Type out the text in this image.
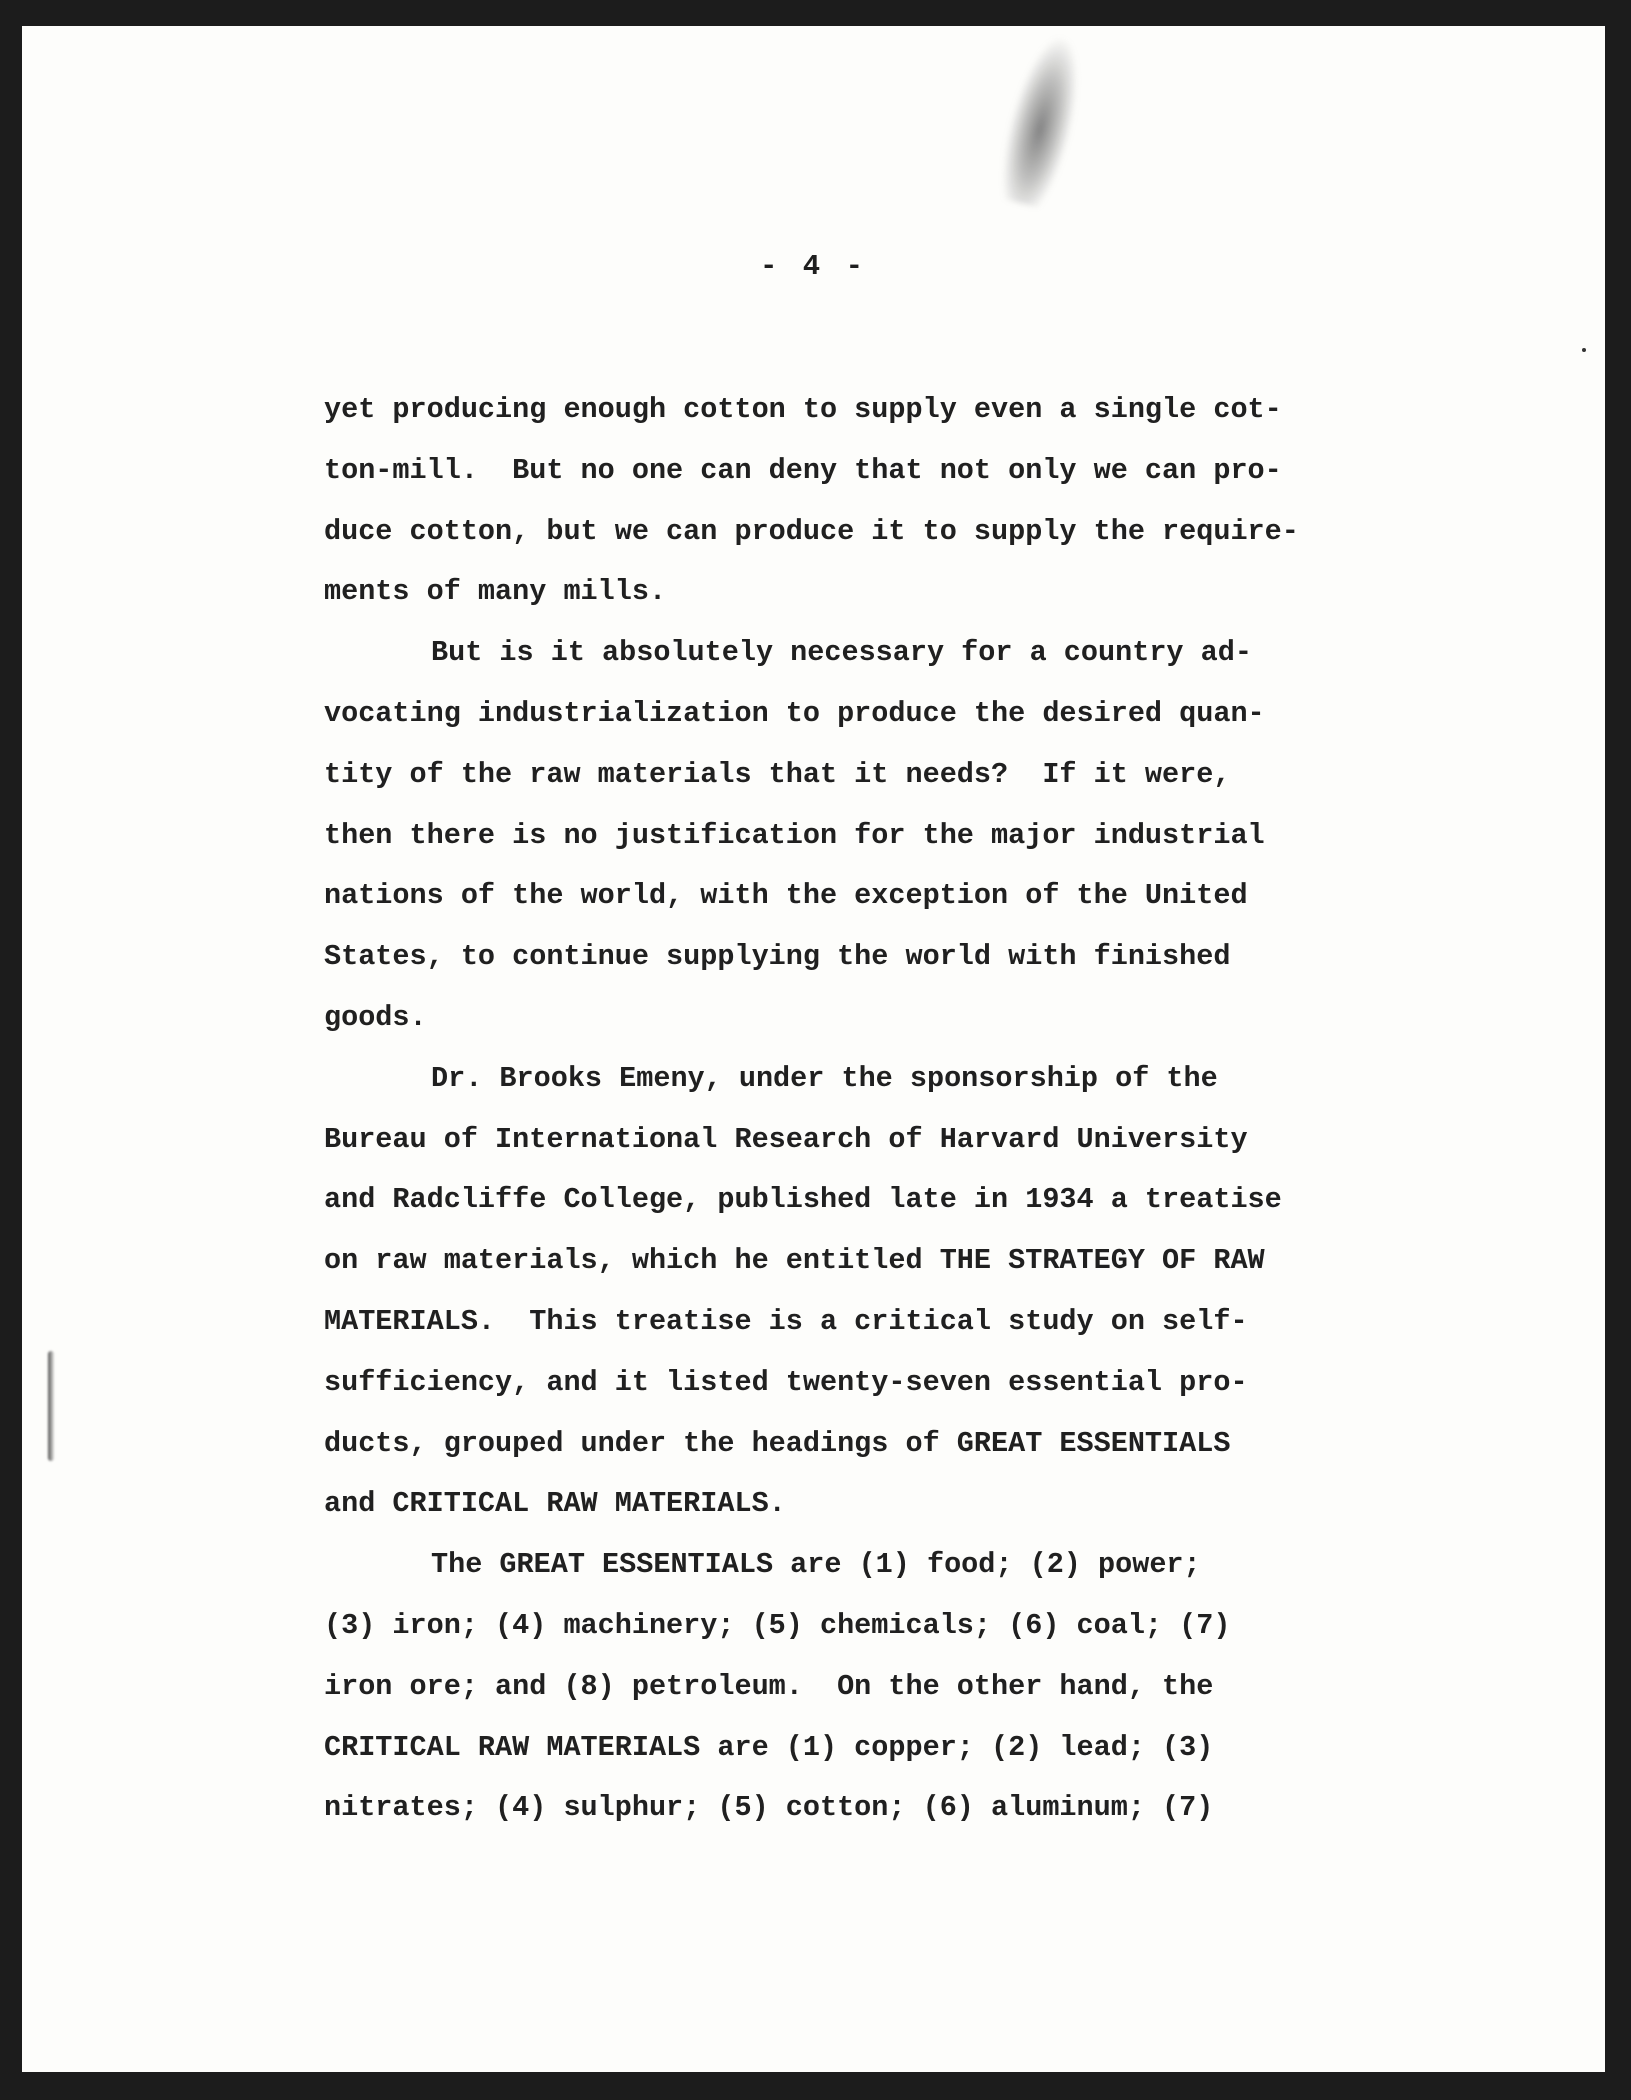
- 4 -
yet producing enough cotton to supply even a single cot-
ton-mill.  But no one can deny that not only we can pro-
duce cotton, but we can produce it to supply the require-
ments of many mills.
But is it absolutely necessary for a country ad-
vocating industrialization to produce the desired quan-
tity of the raw materials that it needs?  If it were,
then there is no justification for the major industrial
nations of the world, with the exception of the United
States, to continue supplying the world with finished
goods.
Dr. Brooks Emeny, under the sponsorship of the
Bureau of International Research of Harvard University
and Radcliffe College, published late in 1934 a treatise
on raw materials, which he entitled THE STRATEGY OF RAW
MATERIALS.  This treatise is a critical study on self-
sufficiency, and it listed twenty-seven essential pro-
ducts, grouped under the headings of GREAT ESSENTIALS
and CRITICAL RAW MATERIALS.
The GREAT ESSENTIALS are (1) food; (2) power;
(3) iron; (4) machinery; (5) chemicals; (6) coal; (7)
iron ore; and (8) petroleum.  On the other hand, the
CRITICAL RAW MATERIALS are (1) copper; (2) lead; (3)
nitrates; (4) sulphur; (5) cotton; (6) aluminum; (7)
